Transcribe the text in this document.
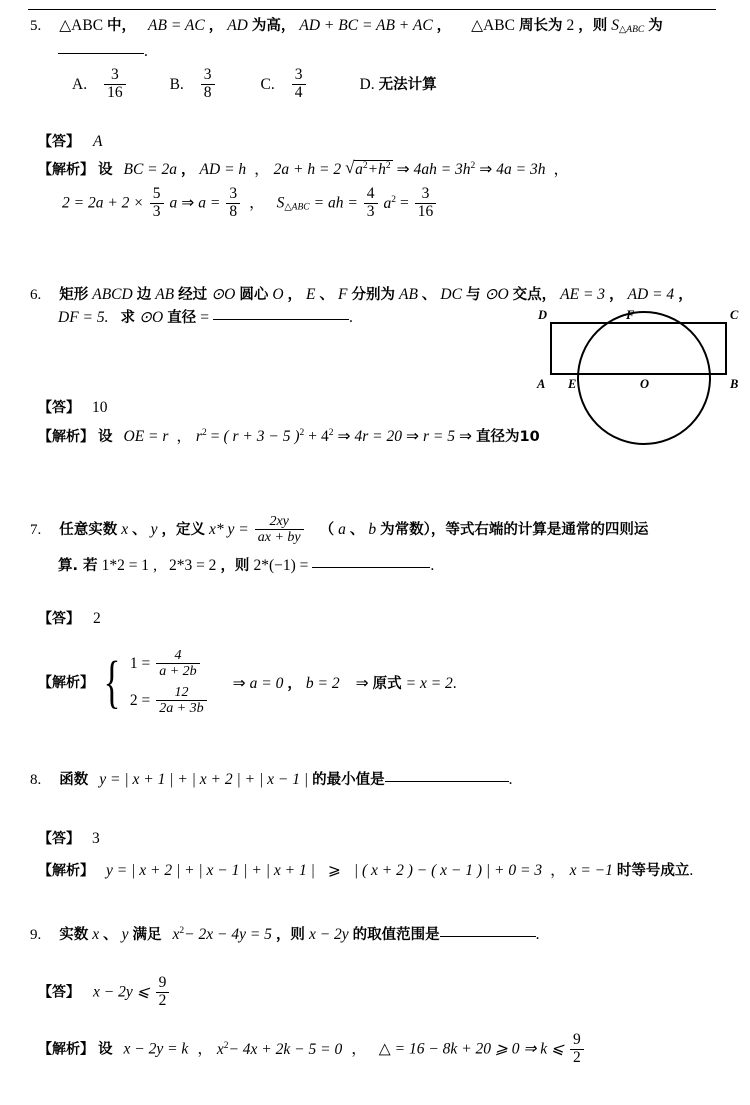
5. △ABC 中， AB = AC ， AD 为高， AD + BC = AB + AC ， △ABC 周长为 2 ，则 $S_{\triangle ABC}$ 为
.
A. $\frac{3}{16}$	B. $\frac{3}{8}$	C. $\frac{3}{4}$	D. 无法计算
【答】 A
【解析】 设 BC = 2a ， AD = h ， 2a + h = 2 √ $a^2+h^2$ ⇒ $4ah = 3h^2$ ⇒ 4a = 3h ，
$2 = 2a + 2 \times \frac{5}{3}$ a ⇒ $a = \frac{3}{8}$ ， $S_{\triangle ABC}$ = ah = $\frac{4}{3} a^2 = \frac{3}{16}$
6. 矩形 ABCD 边 AB 经过 ⊙O 圆心 O ， E 、 F 分别为 AB 、 DC 与 ⊙O 交点， AE = 3 ， AD = 4 ，
DF = 5. 求 ⊙O 直径 =	.	D	F	C
A E	O	B
【答】 10
【解析】 设 OE = r ， $r^2$ = ( r + 3 − 5 )$^2 + 4^2$ ⇒ 4r = 20 ⇒ r = 5 ⇒ 直径为10
7. 任意实数 x 、 y ，定义 x* $y = \frac{2xy}{ax + by}$ （ a 、 b 为常数），等式右端的计算是通常的四则运
算. 若 1*2 = 1 , 2*3 = 2 ，则 2*(−1) =	.
【答】 2
【解析】 { $1 = \frac{4}{a + 2b}$
$2 = \frac{12}{2a + 3b}$
⇒ a = 0 ， b = 2 ⇒ 原式 = x = 2.
8. 函数 y = | x + 1 | + | x + 2 | + | x − 1 | 的最小值是	.
【答】 3
【解析】 y = | x + 2 | + | x − 1 | + | x + 1 | ⩾ | ( x + 2 ) − ( x − 1 ) | + 0 = 3 ， x = −1 时等号成立.
9. 实数 x 、 y 满足 $x^2- 2x - 4y = 5$ ，则 x − 2y 的取值范围是	.
【答】 x − 2y ⩽ $\frac{9}{2}$
【解析】 设 x − 2y = k ， $x^2- 4x + 2k - 5 = 0$ ， △ = 16 − 8k + 20 ⩾ 0 ⇒ k ⩽ $\frac{9}{2}$
